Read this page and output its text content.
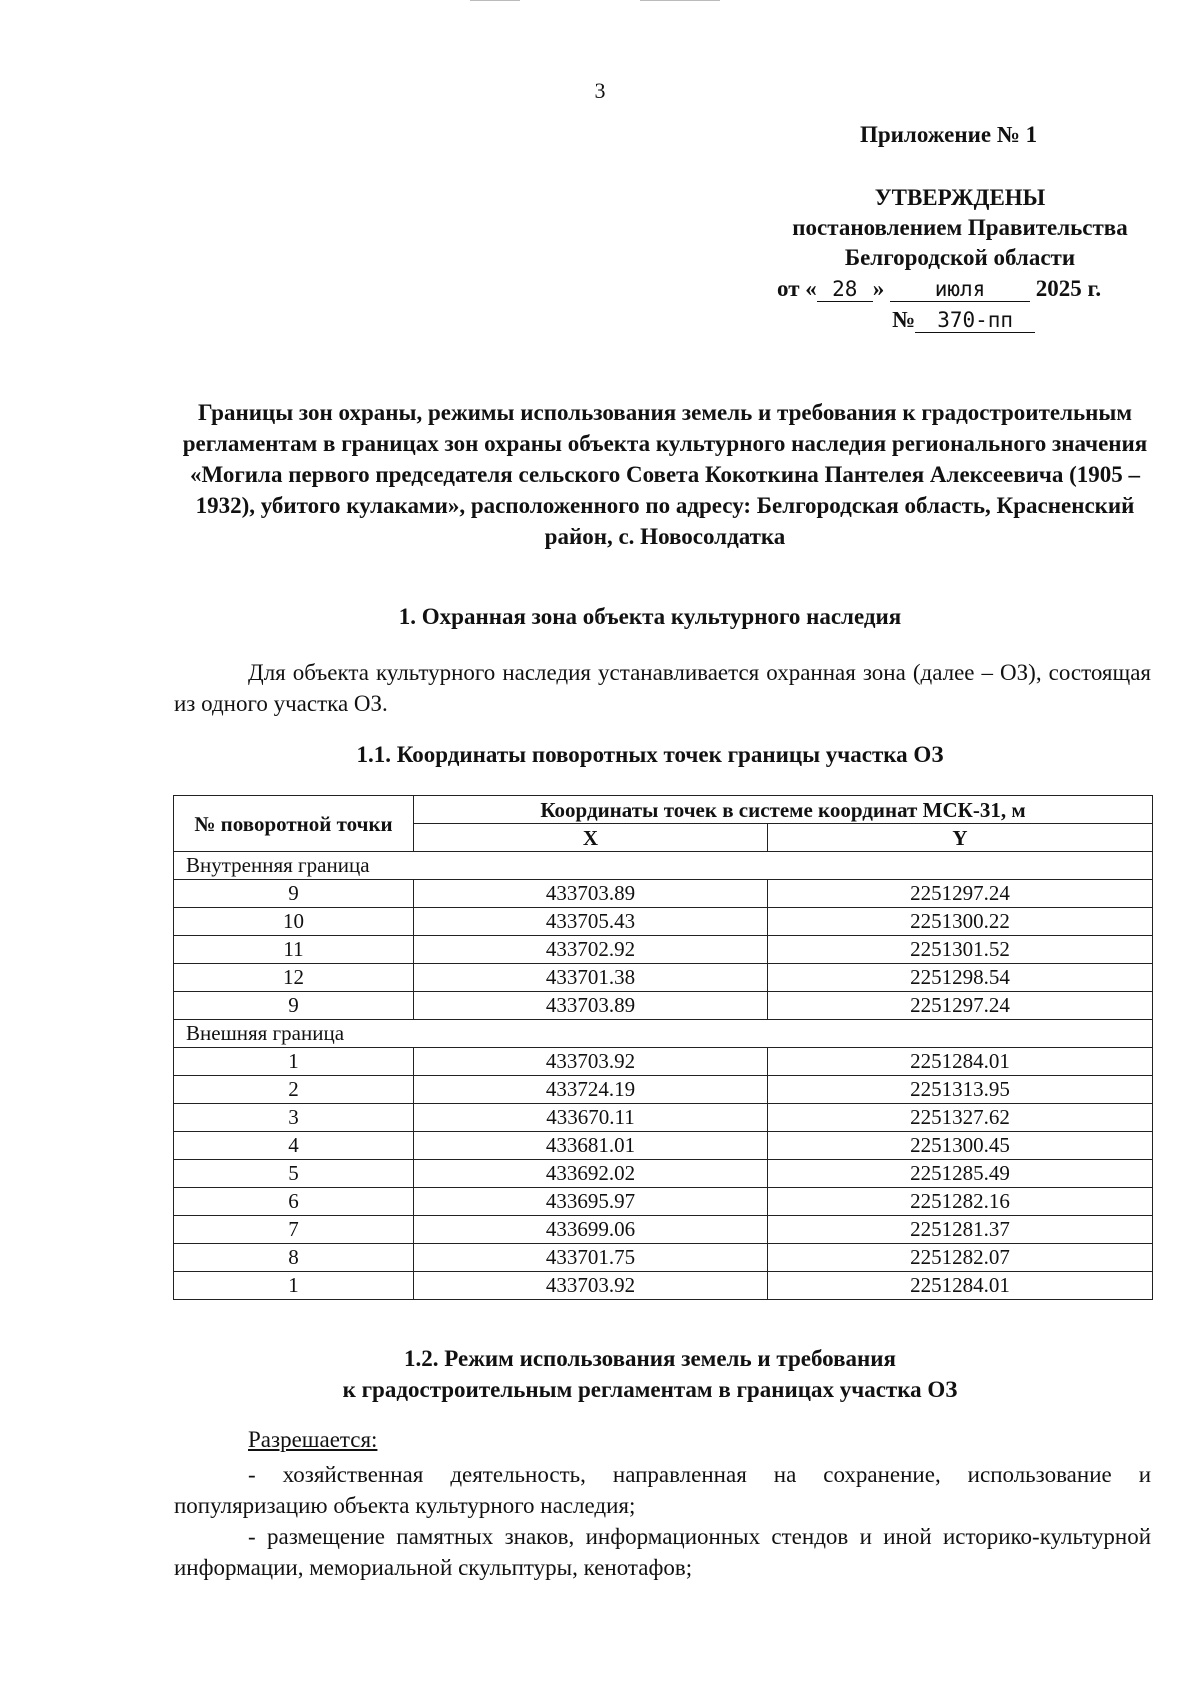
3
Приложение № 1
УТВЕРЖДЕНЫ
постановлением Правительства
Белгородской области
от « 28 » июля 2025 г.
№ 370-пп
Границы зон охраны, режимы использования земель и требования к градостроительным регламентам в границах зон охраны объекта культурного наследия регионального значения «Могила первого председателя сельского Совета Кокоткина Пантелея Алексеевича (1905 –1932), убитого кулаками», расположенного по адресу: Белгородская область, Красненский район, с. Новосолдатка
1. Охранная зона объекта культурного наследия
Для объекта культурного наследия устанавливается охранная зона (далее – ОЗ), состоящая из одного участка ОЗ.
1.1. Координаты поворотных точек границы участка ОЗ
№ поворотной точки	Координаты точек в системе координат МСК-31, м	
	X	Y
Внутренняя граница		
9	433703.89	2251297.24
10	433705.43	2251300.22
11	433702.92	2251301.52
12	433701.38	2251298.54
9	433703.89	2251297.24
Внешняя граница		
1	433703.92	2251284.01
2	433724.19	2251313.95
3	433670.11	2251327.62
4	433681.01	2251300.45
5	433692.02	2251285.49
6	433695.97	2251282.16
7	433699.06	2251281.37
8	433701.75	2251282.07
1	433703.92	2251284.01
1.2. Режим использования земель и требования
к градостроительным регламентам в границах участка ОЗ
Разрешается:
- хозяйственная деятельность, направленная на сохранение, использование и популяризацию объекта культурного наследия;
- размещение памятных знаков, информационных стендов и иной историко-культурной информации, мемориальной скульптуры, кенотафов;
